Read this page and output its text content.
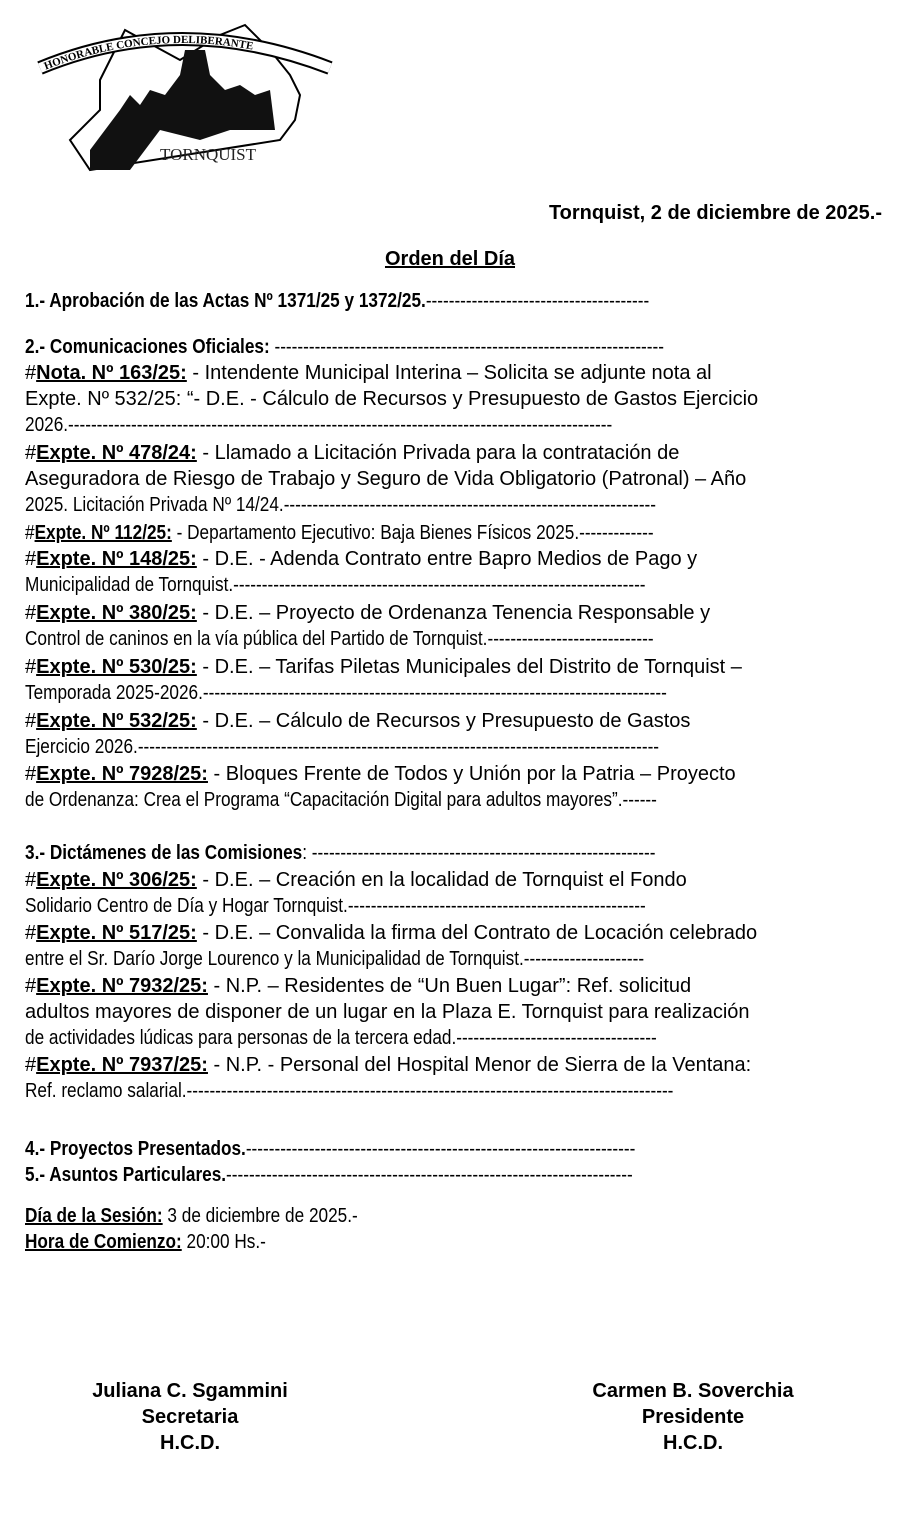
HONORABLE CONCEJO DELIBERANTE
TORNQUIST
Tornquist, 2 de diciembre de 2025.-
Orden del Día
1.- Aprobación de las Actas Nº 1371/25 y 1372/25.---------------------------------------
2.- Comunicaciones Oficiales: --------------------------------------------------------------------
#Nota. Nº 163/25: - Intendente Municipal Interina – Solicita se adjunte nota al
Expte. Nº 532/25: “- D.E. - Cálculo de Recursos y Presupuesto de Gastos Ejercicio
2026.-----------------------------------------------------------------------------------------------
#Expte. Nº 478/24: - Llamado a Licitación Privada para la contratación de
Aseguradora de Riesgo de Trabajo y Seguro de Vida Obligatorio (Patronal) – Año
2025. Licitación Privada Nº 14/24.-----------------------------------------------------------------
#Expte. Nº 112/25: - Departamento Ejecutivo: Baja Bienes Físicos 2025.-------------
#Expte. Nº 148/25: - D.E. - Adenda Contrato entre Bapro Medios de Pago y
Municipalidad de Tornquist.------------------------------------------------------------------------
#Expte. Nº 380/25: - D.E. – Proyecto de Ordenanza Tenencia Responsable y
Control de caninos en la vía pública del Partido de Tornquist.-----------------------------
#Expte. Nº 530/25: - D.E. – Tarifas Piletas Municipales del Distrito de Tornquist –
Temporada 2025-2026.---------------------------------------------------------------------------------
#Expte. Nº 532/25: - D.E. – Cálculo de Recursos y Presupuesto de Gastos
Ejercicio 2026.-------------------------------------------------------------------------------------------
#Expte. Nº 7928/25: - Bloques Frente de Todos y Unión por la Patria – Proyecto
de Ordenanza: Crea el Programa “Capacitación Digital para adultos mayores”.------
3.- Dictámenes de las Comisiones: ------------------------------------------------------------
#Expte. Nº 306/25: - D.E. – Creación en la localidad de Tornquist el Fondo
Solidario Centro de Día y Hogar Tornquist.----------------------------------------------------
#Expte. Nº 517/25: - D.E. – Convalida la firma del Contrato de Locación celebrado
entre el Sr. Darío Jorge Lourenco y la Municipalidad de Tornquist.---------------------
#Expte. Nº 7932/25: - N.P. – Residentes de “Un Buen Lugar”: Ref. solicitud
adultos mayores de disponer de un lugar en la Plaza E. Tornquist para realización
de actividades lúdicas para personas de la tercera edad.-----------------------------------
#Expte. Nº 7937/25: - N.P. - Personal del Hospital Menor de Sierra de la Ventana:
Ref. reclamo salarial.-------------------------------------------------------------------------------------
4.- Proyectos Presentados.--------------------------------------------------------------------
5.- Asuntos Particulares.-----------------------------------------------------------------------
Día de la Sesión: 3 de diciembre de 2025.-
Hora de Comienzo: 20:00 Hs.-
Juliana C. Sgammini
Secretaria
H.C.D.
Carmen B. Soverchia
Presidente
H.C.D.
